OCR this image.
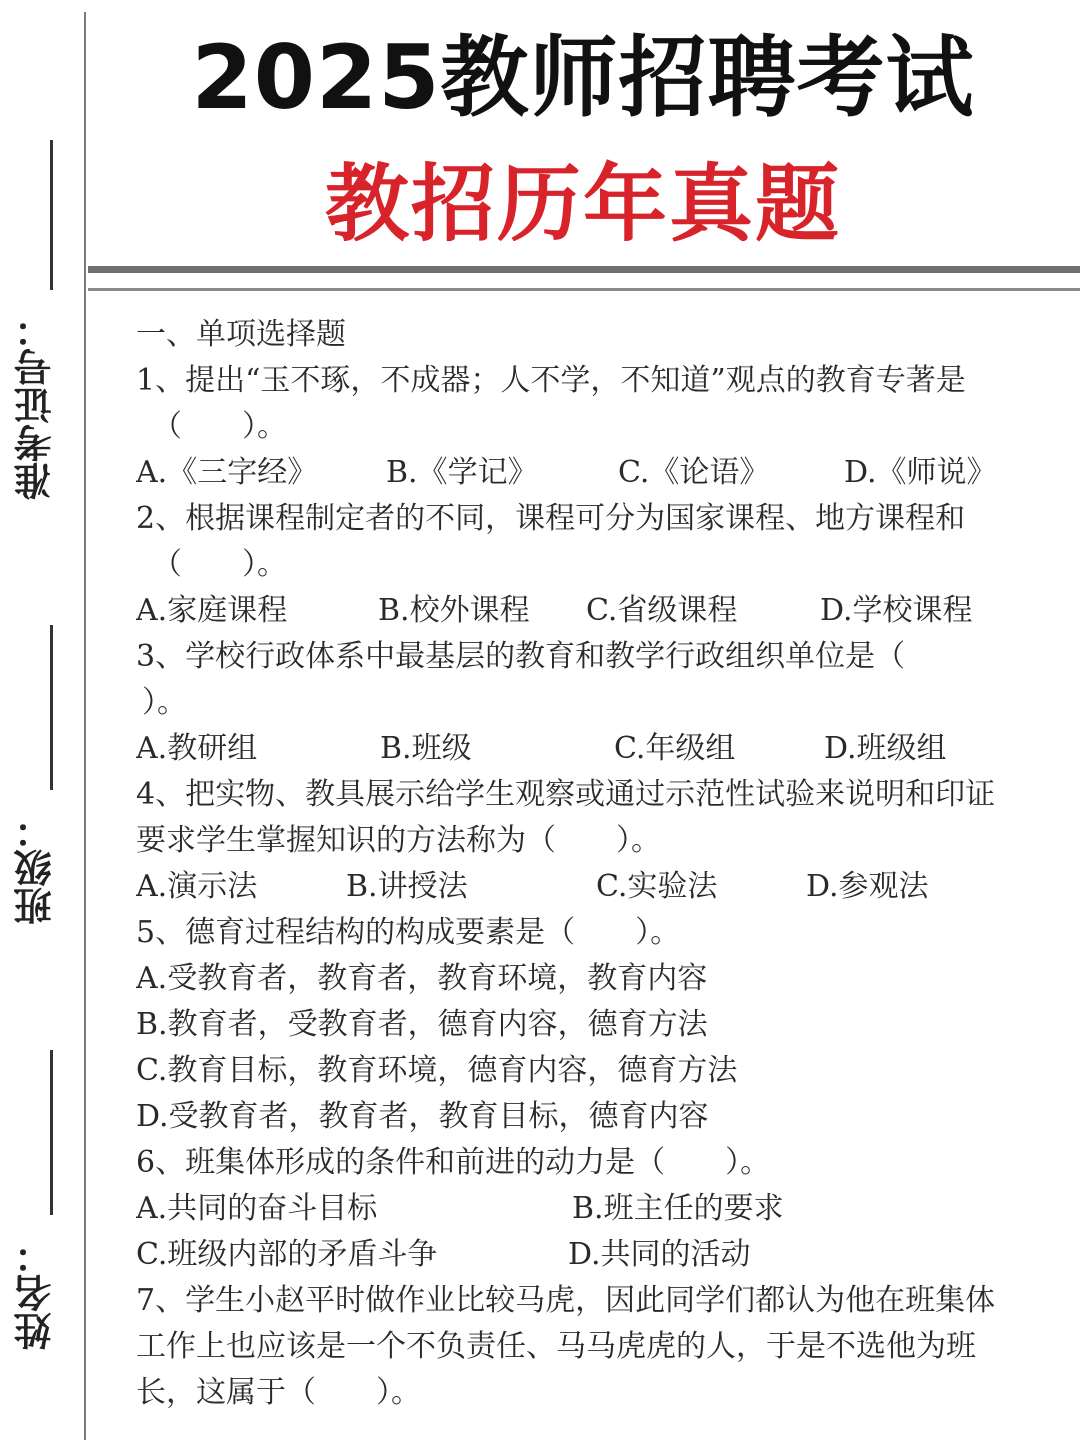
准考证号：
班级：
姓名：
2025教师招聘考试
教招历年真题
一、单项选择题
1、提出“玉不琢，不成器；人不学，不知道”观点的教育专著是
（　　）。
A.《三字经》	B.《学记》	C.《论语》	D.《师说》
2、根据课程制定者的不同，课程可分为国家课程、地方课程和
（　　）。
A.家庭课程	B.校外课程	C.省级课程	D.学校课程
3、学校行政体系中最基层的教育和教学行政组织单位是（
）。
A.教研组	B.班级	C.年级组	D.班级组
4、把实物、教具展示给学生观察或通过示范性试验来说明和印证
要求学生掌握知识的方法称为（　　）。
A.演示法	B.讲授法	C.实验法	D.参观法
5、德育过程结构的构成要素是（　　）。
A.受教育者，教育者，教育环境，教育内容
B.教育者，受教育者，德育内容，德育方法
C.教育目标，教育环境，德育内容，德育方法
D.受教育者，教育者，教育目标，德育内容
6、班集体形成的条件和前进的动力是（　　）。
A.共同的奋斗目标	B.班主任的要求
C.班级内部的矛盾斗争	D.共同的活动
7、学生小赵平时做作业比较马虎，因此同学们都认为他在班集体
工作上也应该是一个不负责任、马马虎虎的人，于是不选他为班
长，这属于（　　）。
